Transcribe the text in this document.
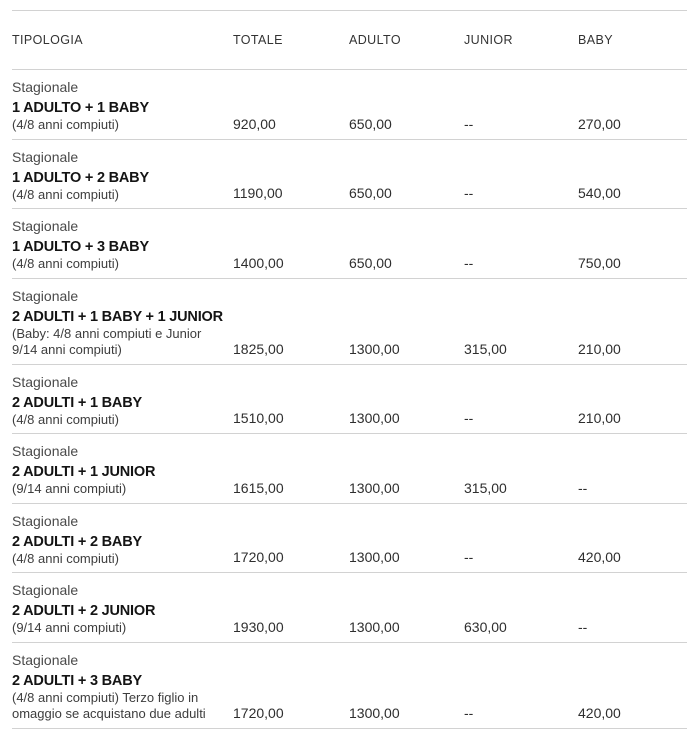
TIPOLOGIA	TOTALE	ADULTO	JUNIOR	BABY

Stagionale
1 ADULTO + 1 BABY
(4/8 anni compiuti)	920,00	650,00	--	270,00

Stagionale
1 ADULTO + 2 BABY
(4/8 anni compiuti)	1190,00	650,00	--	540,00

Stagionale
1 ADULTO + 3 BABY
(4/8 anni compiuti)	1400,00	650,00	--	750,00

Stagionale
2 ADULTI + 1 BABY + 1 JUNIOR
(Baby: 4/8 anni compiuti e Junior 9/14 anni compiuti)	1825,00	1300,00	315,00	210,00

Stagionale
2 ADULTI + 1 BABY
(4/8 anni compiuti)	1510,00	1300,00	--	210,00

Stagionale
2 ADULTI + 1 JUNIOR
(9/14 anni compiuti)	1615,00	1300,00	315,00	--

Stagionale
2 ADULTI + 2 BABY
(4/8 anni compiuti)	1720,00	1300,00	--	420,00

Stagionale
2 ADULTI + 2 JUNIOR
(9/14 anni compiuti)	1930,00	1300,00	630,00	--

Stagionale
2 ADULTI + 3 BABY
(4/8 anni compiuti) Terzo figlio in omaggio se acquistano due adulti	1720,00	1300,00	--	420,00
